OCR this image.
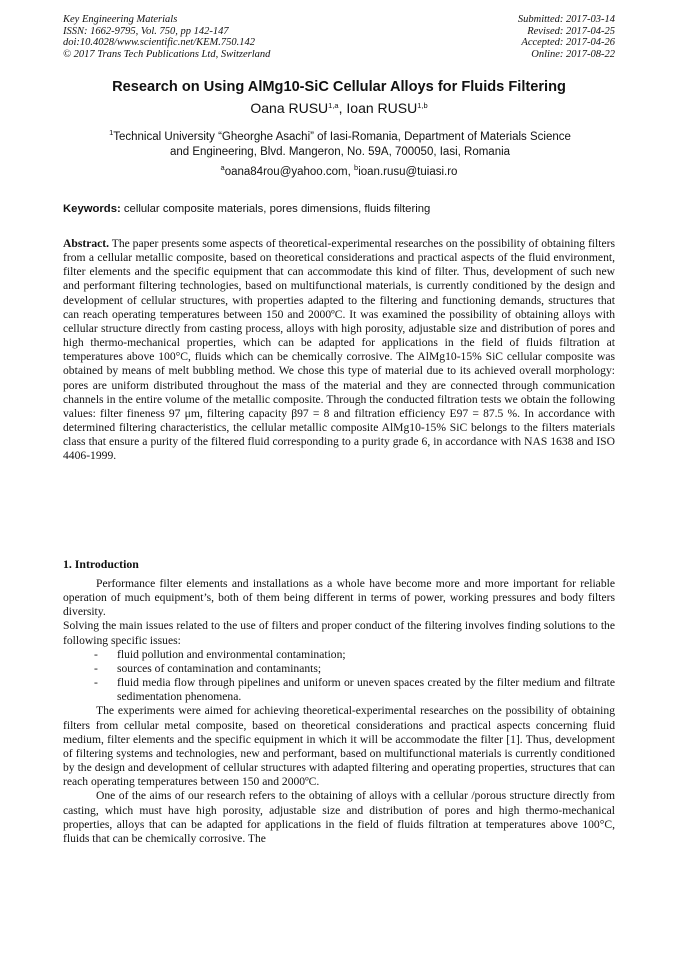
Key Engineering Materials
ISSN: 1662-9795, Vol. 750, pp 142-147
doi:10.4028/www.scientific.net/KEM.750.142
© 2017 Trans Tech Publications Ltd, Switzerland
Submitted: 2017-03-14
Revised: 2017-04-25
Accepted: 2017-04-26
Online: 2017-08-22
Research on Using AlMg10-SiC Cellular Alloys for Fluids Filtering
Oana RUSU$^{1,a}$, Ioan RUSU$^{1,b}$
$^1$Technical University “Gheorghe Asachi” of Iasi-Romania, Department of Materials Science
and Engineering, Blvd. Mangeron, No. 59A, 700050, Iasi, Romania
$^a$oana84rou@yahoo.com, $^b$ioan.rusu@tuiasi.ro
Keywords: cellular composite materials, pores dimensions, fluids filtering
Abstract. The paper presents some aspects of theoretical-experimental researches on the possibility of obtaining filters from a cellular metallic composite, based on theoretical considerations and practical aspects of the fluid environment, filter elements and the specific equipment that can accommodate this kind of filter. Thus, development of such new and performant filtering technologies, based on multifunctional materials, is currently conditioned by the design and development of cellular structures, with properties adapted to the filtering and functioning demands, structures that can reach operating temperatures between 150 and 2000ºC. It was examined the possibility of obtaining alloys with cellular structure directly from casting process, alloys with high porosity, adjustable size and distribution of pores and high thermo-mechanical properties, which can be adapted for applications in the field of fluids filtration at temperatures above 100°C, fluids which can be chemically corrosive. The AlMg10-15% SiC cellular composite was obtained by means of melt bubbling method. We chose this type of material due to its achieved overall morphology: pores are uniform distributed throughout the mass of the material and they are connected through communication channels in the entire volume of the metallic composite. Through the conducted filtration tests we obtain the following values: filter fineness 97 μm, filtering capacity β97 = 8 and filtration efficiency E97 = 87.5 %. In accordance with determined filtering characteristics, the cellular metallic composite AlMg10-15% SiC belongs to the filters materials class that ensure a purity of the filtered fluid corresponding to a purity grade 6, in accordance with NAS 1638 and ISO 4406-1999.
1. Introduction

Performance filter elements and installations as a whole have become more and more important for reliable operation of much equipment’s, both of them being different in terms of power, working pressures and body filters diversity.

Solving the main issues related to the use of filters and proper conduct of the filtering involves finding solutions to the following specific issues:

- fluid pollution and environmental contamination;
- sources of contamination and contaminants;
- fluid media flow through pipelines and uniform or uneven spaces created by the filter medium and filtrate sedimentation phenomena.

The experiments were aimed for achieving theoretical-experimental researches on the possibility of obtaining filters from cellular metal composite, based on theoretical considerations and practical aspects concerning fluid medium, filter elements and the specific equipment in which it will be accommodate the filter [1]. Thus, development of filtering systems and technologies, new and performant, based on multifunctional materials is currently conditioned by the design and development of cellular structures with adapted filtering and operating properties, structures that can reach operating temperatures between 150 and 2000ºC.

One of the aims of our research refers to the obtaining of alloys with a cellular /porous structure directly from casting, which must have high porosity, adjustable size and distribution of pores and high thermo-mechanical properties, alloys that can be adapted for applications in the field of fluids filtration at temperatures above 100°C, fluids that can be chemically corrosive. The
